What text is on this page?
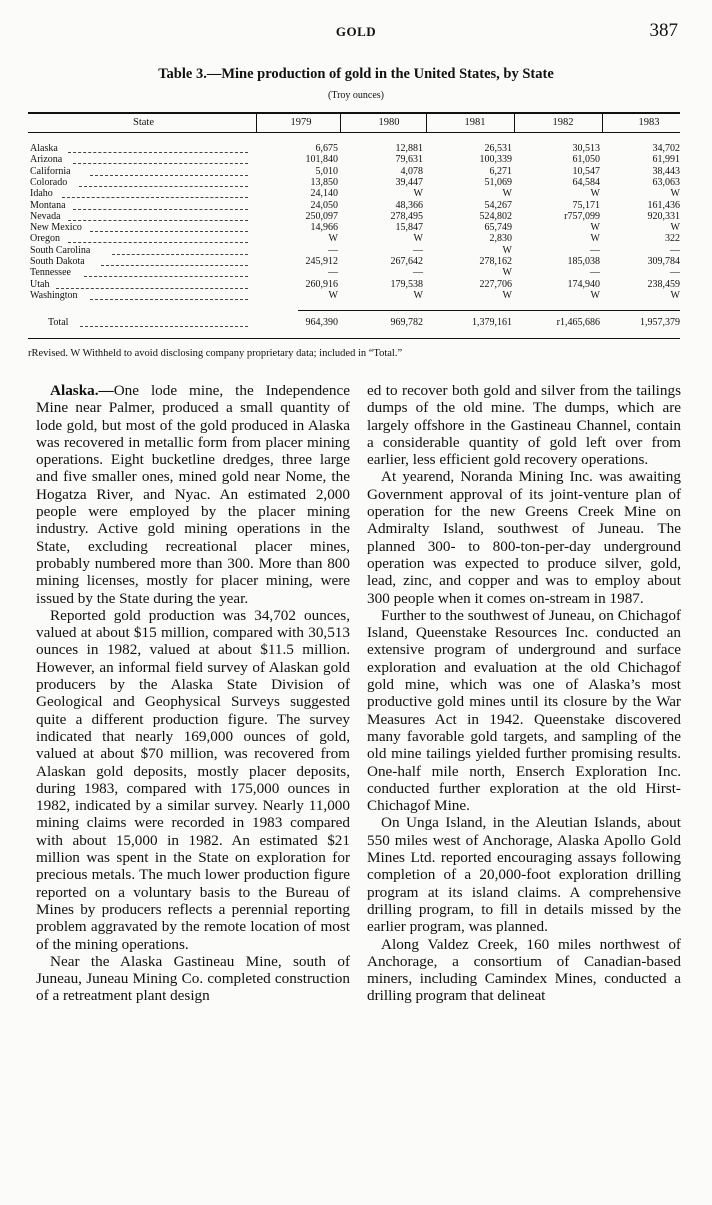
GOLD	387
Table 3.—Mine production of gold in the United States, by State
(Troy ounces)
State	1979	1980	1981	1982	1983
Alaska	6,675	12,881	26,531	30,513	34,702
Arizona	101,840	79,631	100,339	61,050	61,991
California	5,010	4,078	6,271	10,547	38,443
Colorado	13,850	39,447	51,069	64,584	63,063
Idaho	24,140	W	W	W	W
Montana	24,050	48,366	54,267	75,171	161,436
Nevada	250,097	278,495	524,802	r757,099	920,331
New Mexico	14,966	15,847	65,749	W	W
Oregon	W	W	2,830	W	322
South Carolina	—	—	W	—	—
South Dakota	245,912	267,642	278,162	185,038	309,784
Tennessee	—	—	W	—	—
Utah	260,916	179,538	227,706	174,940	238,459
Washington	W	W	W	W	W
Total	964,390	969,782	1,379,161	r1,465,686	1,957,379
rRevised. W Withheld to avoid disclosing company proprietary data; included in “Total.”

Alaska.—One lode mine, the Independence Mine near Palmer, produced a small quantity of lode gold, but most of the gold produced in Alaska was recovered in metallic form from placer mining operations. Eight bucketline dredges, three large and five smaller ones, mined gold near Nome, the Hogatza River, and Nyac. An estimated 2,000 people were employed by the placer mining industry. Active gold mining operations in the State, excluding recreational placer mines, probably numbered more than 300. More than 800 mining licenses, mostly for placer mining, were issued by the State during the year.

Reported gold production was 34,702 ounces, valued at about $15 million, compared with 30,513 ounces in 1982, valued at about $11.5 million. However, an informal field survey of Alaskan gold producers by the Alaska State Division of Geological and Geophysical Surveys suggested quite a different production figure. The survey indicated that nearly 169,000 ounces of gold, valued at about $70 million, was recovered from Alaskan gold deposits, mostly placer deposits, during 1983, compared with 175,000 ounces in 1982, indicated by a similar survey. Nearly 11,000 mining claims were recorded in 1983 compared with about 15,000 in 1982. An estimated $21 million was spent in the State on exploration for precious metals. The much lower production figure reported on a voluntary basis to the Bureau of Mines by producers reflects a perennial reporting problem aggravated by the remote location of most of the mining operations.

Near the Alaska Gastineau Mine, south of Juneau, Juneau Mining Co. completed construction of a retreatment plant design

ed to recover both gold and silver from the tailings dumps of the old mine. The dumps, which are largely offshore in the Gastineau Channel, contain a considerable quantity of gold left over from earlier, less efficient gold recovery operations.

At yearend, Noranda Mining Inc. was awaiting Government approval of its joint-venture plan of operation for the new Greens Creek Mine on Admiralty Island, southwest of Juneau. The planned 300- to 800-ton-per-day underground operation was expected to produce silver, gold, lead, zinc, and copper and was to employ about 300 people when it comes on-stream in 1987.

Further to the southwest of Juneau, on Chichagof Island, Queenstake Resources Inc. conducted an extensive program of underground and surface exploration and evaluation at the old Chichagof gold mine, which was one of Alaska’s most productive gold mines until its closure by the War Measures Act in 1942. Queenstake discovered many favorable gold targets, and sampling of the old mine tailings yielded further promising results. One-half mile north, Enserch Exploration Inc. conducted further exploration at the old Hirst-Chichagof Mine.

On Unga Island, in the Aleutian Islands, about 550 miles west of Anchorage, Alaska Apollo Gold Mines Ltd. reported encouraging assays following completion of a 20,000-foot exploration drilling program at its island claims. A comprehensive drilling program, to fill in details missed by the earlier program, was planned.

Along Valdez Creek, 160 miles northwest of Anchorage, a consortium of Canadian-based miners, including Camindex Mines, conducted a drilling program that delineat
